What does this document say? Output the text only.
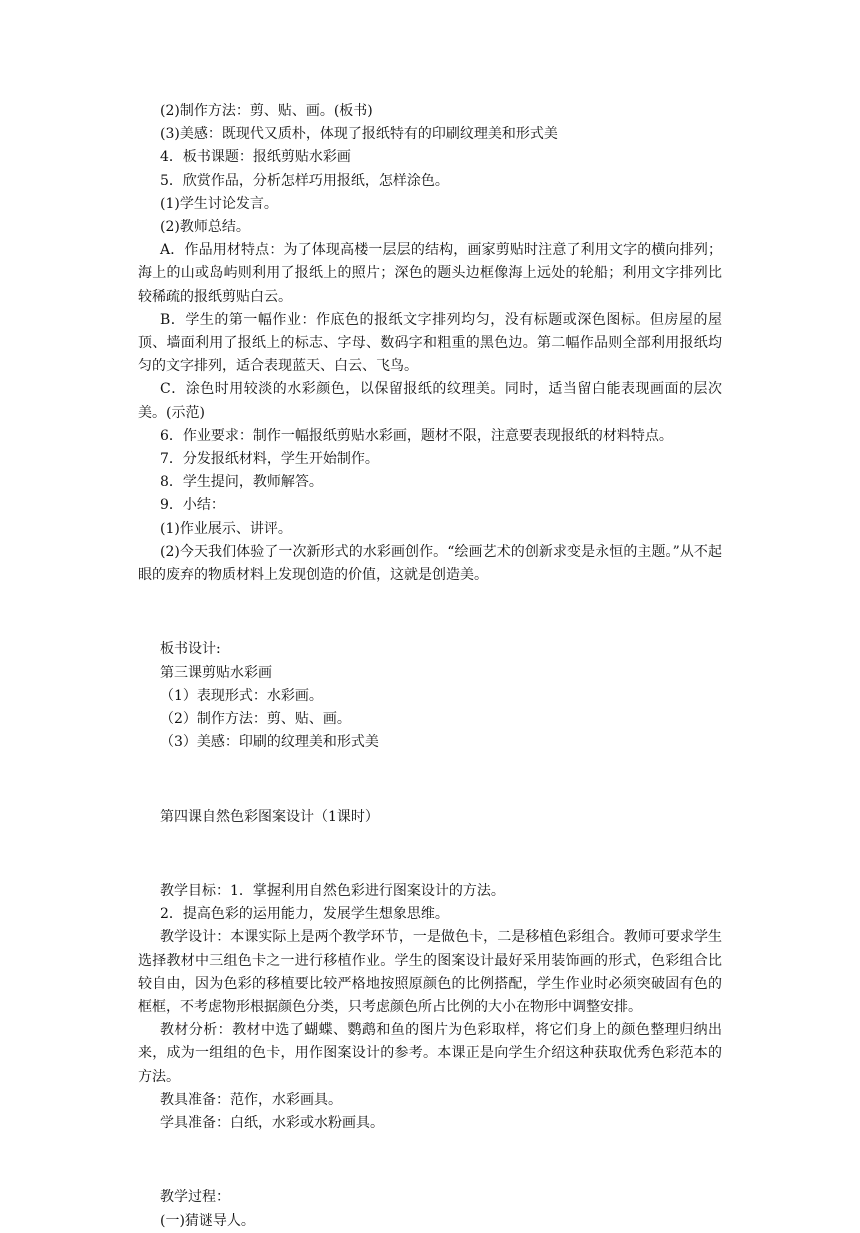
(2)制作方法：剪、贴、画。(板书)

(3)美感：既现代又质朴，体现了报纸特有的印刷纹理美和形式美

4．板书课题：报纸剪贴水彩画

5．欣赏作品，分析怎样巧用报纸，怎样涂色。

(1)学生讨论发言。

(2)教师总结。

A．作品用材特点：为了体现高楼一层层的结构，画家剪贴时注意了利用文字的横向排列；海上的山或岛屿则利用了报纸上的照片；深色的题头边框像海上远处的轮船；利用文字排列比较稀疏的报纸剪贴白云。

B．学生的第一幅作业：作底色的报纸文字排列均匀，没有标题或深色图标。但房屋的屋顶、墙面利用了报纸上的标志、字母、数码字和粗重的黑色边。第二幅作品则全部利用报纸均匀的文字排列，适合表现蓝天、白云、飞鸟。

C．涂色时用较淡的水彩颜色，以保留报纸的纹理美。同时，适当留白能表现画面的层次美。(示范)

6．作业要求：制作一幅报纸剪贴水彩画，题材不限，注意要表现报纸的材料特点。

7．分发报纸材料，学生开始制作。

8．学生提问，教师解答。

9．小结：

(1)作业展示、讲评。

(2)今天我们体验了一次新形式的水彩画创作。“绘画艺术的创新求变是永恒的主题。”从不起眼的废弃的物质材料上发现创造的价值，这就是创造美。

板书设计:

第三课剪贴水彩画

（1）表现形式：水彩画。

（2）制作方法：剪、贴、画。

（3）美感：印刷的纹理美和形式美

第四课自然色彩图案设计（1课时）

教学目标：1．掌握利用自然色彩进行图案设计的方法。

2．提高色彩的运用能力，发展学生想象思维。

教学设计：本课实际上是两个教学环节，一是做色卡，二是移植色彩组合。教师可要求学生选择教材中三组色卡之一进行移植作业。学生的图案设计最好采用装饰画的形式，色彩组合比较自由，因为色彩的移植要比较严格地按照原颜色的比例搭配，学生作业时必须突破固有色的框框，不考虑物形根据颜色分类，只考虑颜色所占比例的大小在物形中调整安排。

教材分析：教材中选了蝴蝶、鹦鹉和鱼的图片为色彩取样，将它们身上的颜色整理归纳出来，成为一组组的色卡，用作图案设计的参考。本课正是向学生介绍这种获取优秀色彩范本的方法。

教具准备：范作，水彩画具。

学具准备：白纸，水彩或水粉画具。

教学过程：

(一)猜谜导人。
